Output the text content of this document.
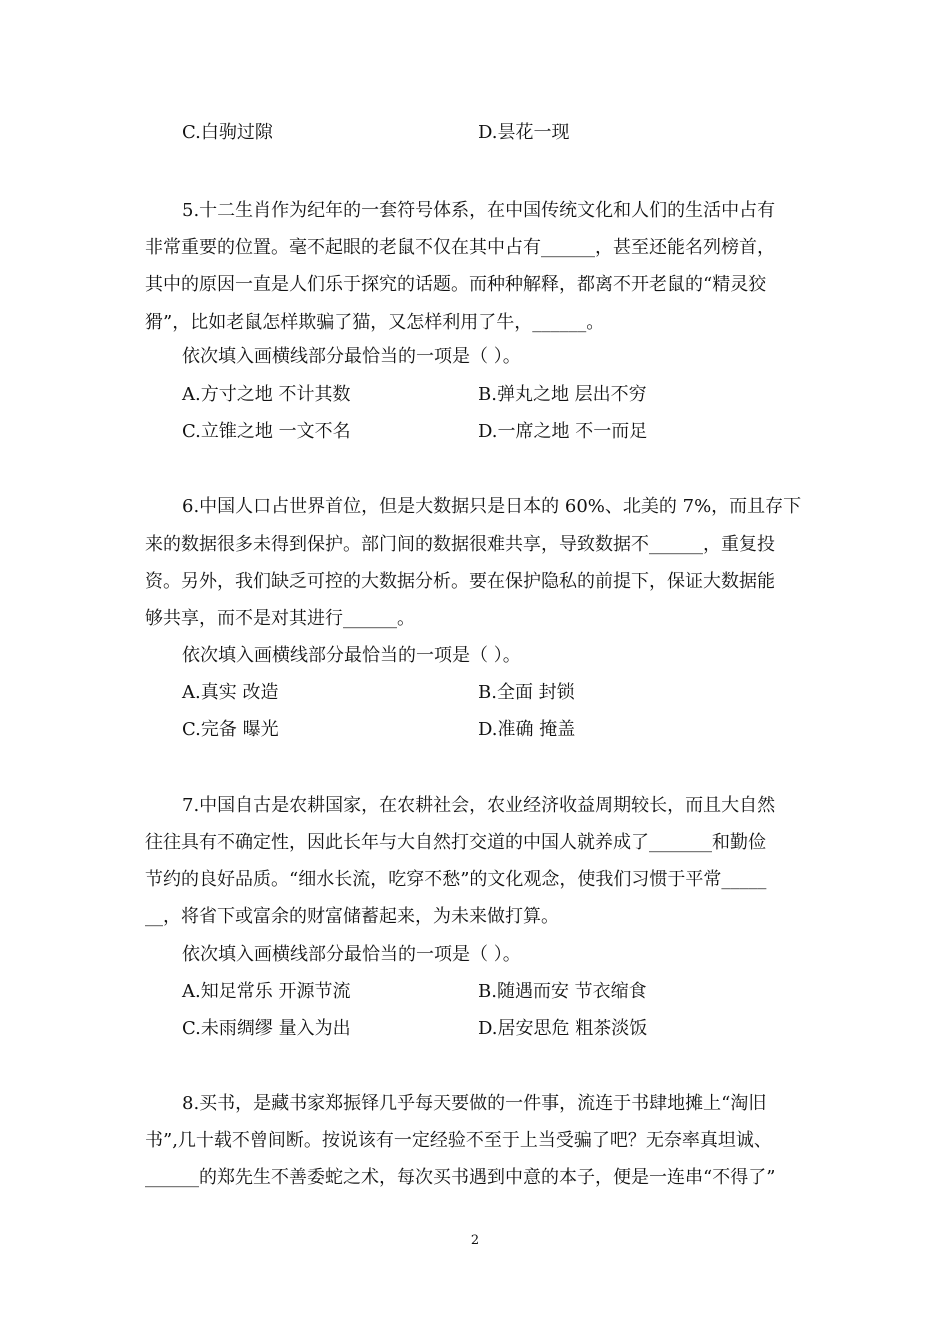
C.白驹过隙	D.昙花一现
5.十二生肖作为纪年的一套符号体系，在中国传统文化和人们的生活中占有
非常重要的位置。毫不起眼的老鼠不仅在其中占有______，甚至还能名列榜首，
其中的原因一直是人们乐于探究的话题。而种种解释，都离不开老鼠的“精灵狡
猾”，比如老鼠怎样欺骗了猫，又怎样利用了牛，______。
依次填入画横线部分最恰当的一项是（ ）。
A.方寸之地 不计其数	B.弹丸之地 层出不穷
C.立锥之地 一文不名	D.一席之地 不一而足
6.中国人口占世界首位，但是大数据只是日本的 60%、北美的 7%，而且存下
来的数据很多未得到保护。部门间的数据很难共享，导致数据不______，重复投
资。另外，我们缺乏可控的大数据分析。要在保护隐私的前提下，保证大数据能
够共享，而不是对其进行______。
依次填入画横线部分最恰当的一项是（ ）。
A.真实 改造	B.全面 封锁
C.完备 曝光	D.准确 掩盖
7.中国自古是农耕国家，在农耕社会，农业经济收益周期较长，而且大自然
往往具有不确定性，因此长年与大自然打交道的中国人就养成了_______和勤俭
节约的良好品质。“细水长流，吃穿不愁”的文化观念，使我们习惯于平常_____
__，将省下或富余的财富储蓄起来，为未来做打算。
依次填入画横线部分最恰当的一项是（ ）。
A.知足常乐 开源节流	B.随遇而安 节衣缩食
C.未雨绸缪 量入为出	D.居安思危 粗茶淡饭
8.买书，是藏书家郑振铎几乎每天要做的一件事，流连于书肆地摊上“淘旧
书”,几十载不曾间断。按说该有一定经验不至于上当受骗了吧？无奈率真坦诚、
______的郑先生不善委蛇之术，每次买书遇到中意的本子，便是一连串“不得了”
2
